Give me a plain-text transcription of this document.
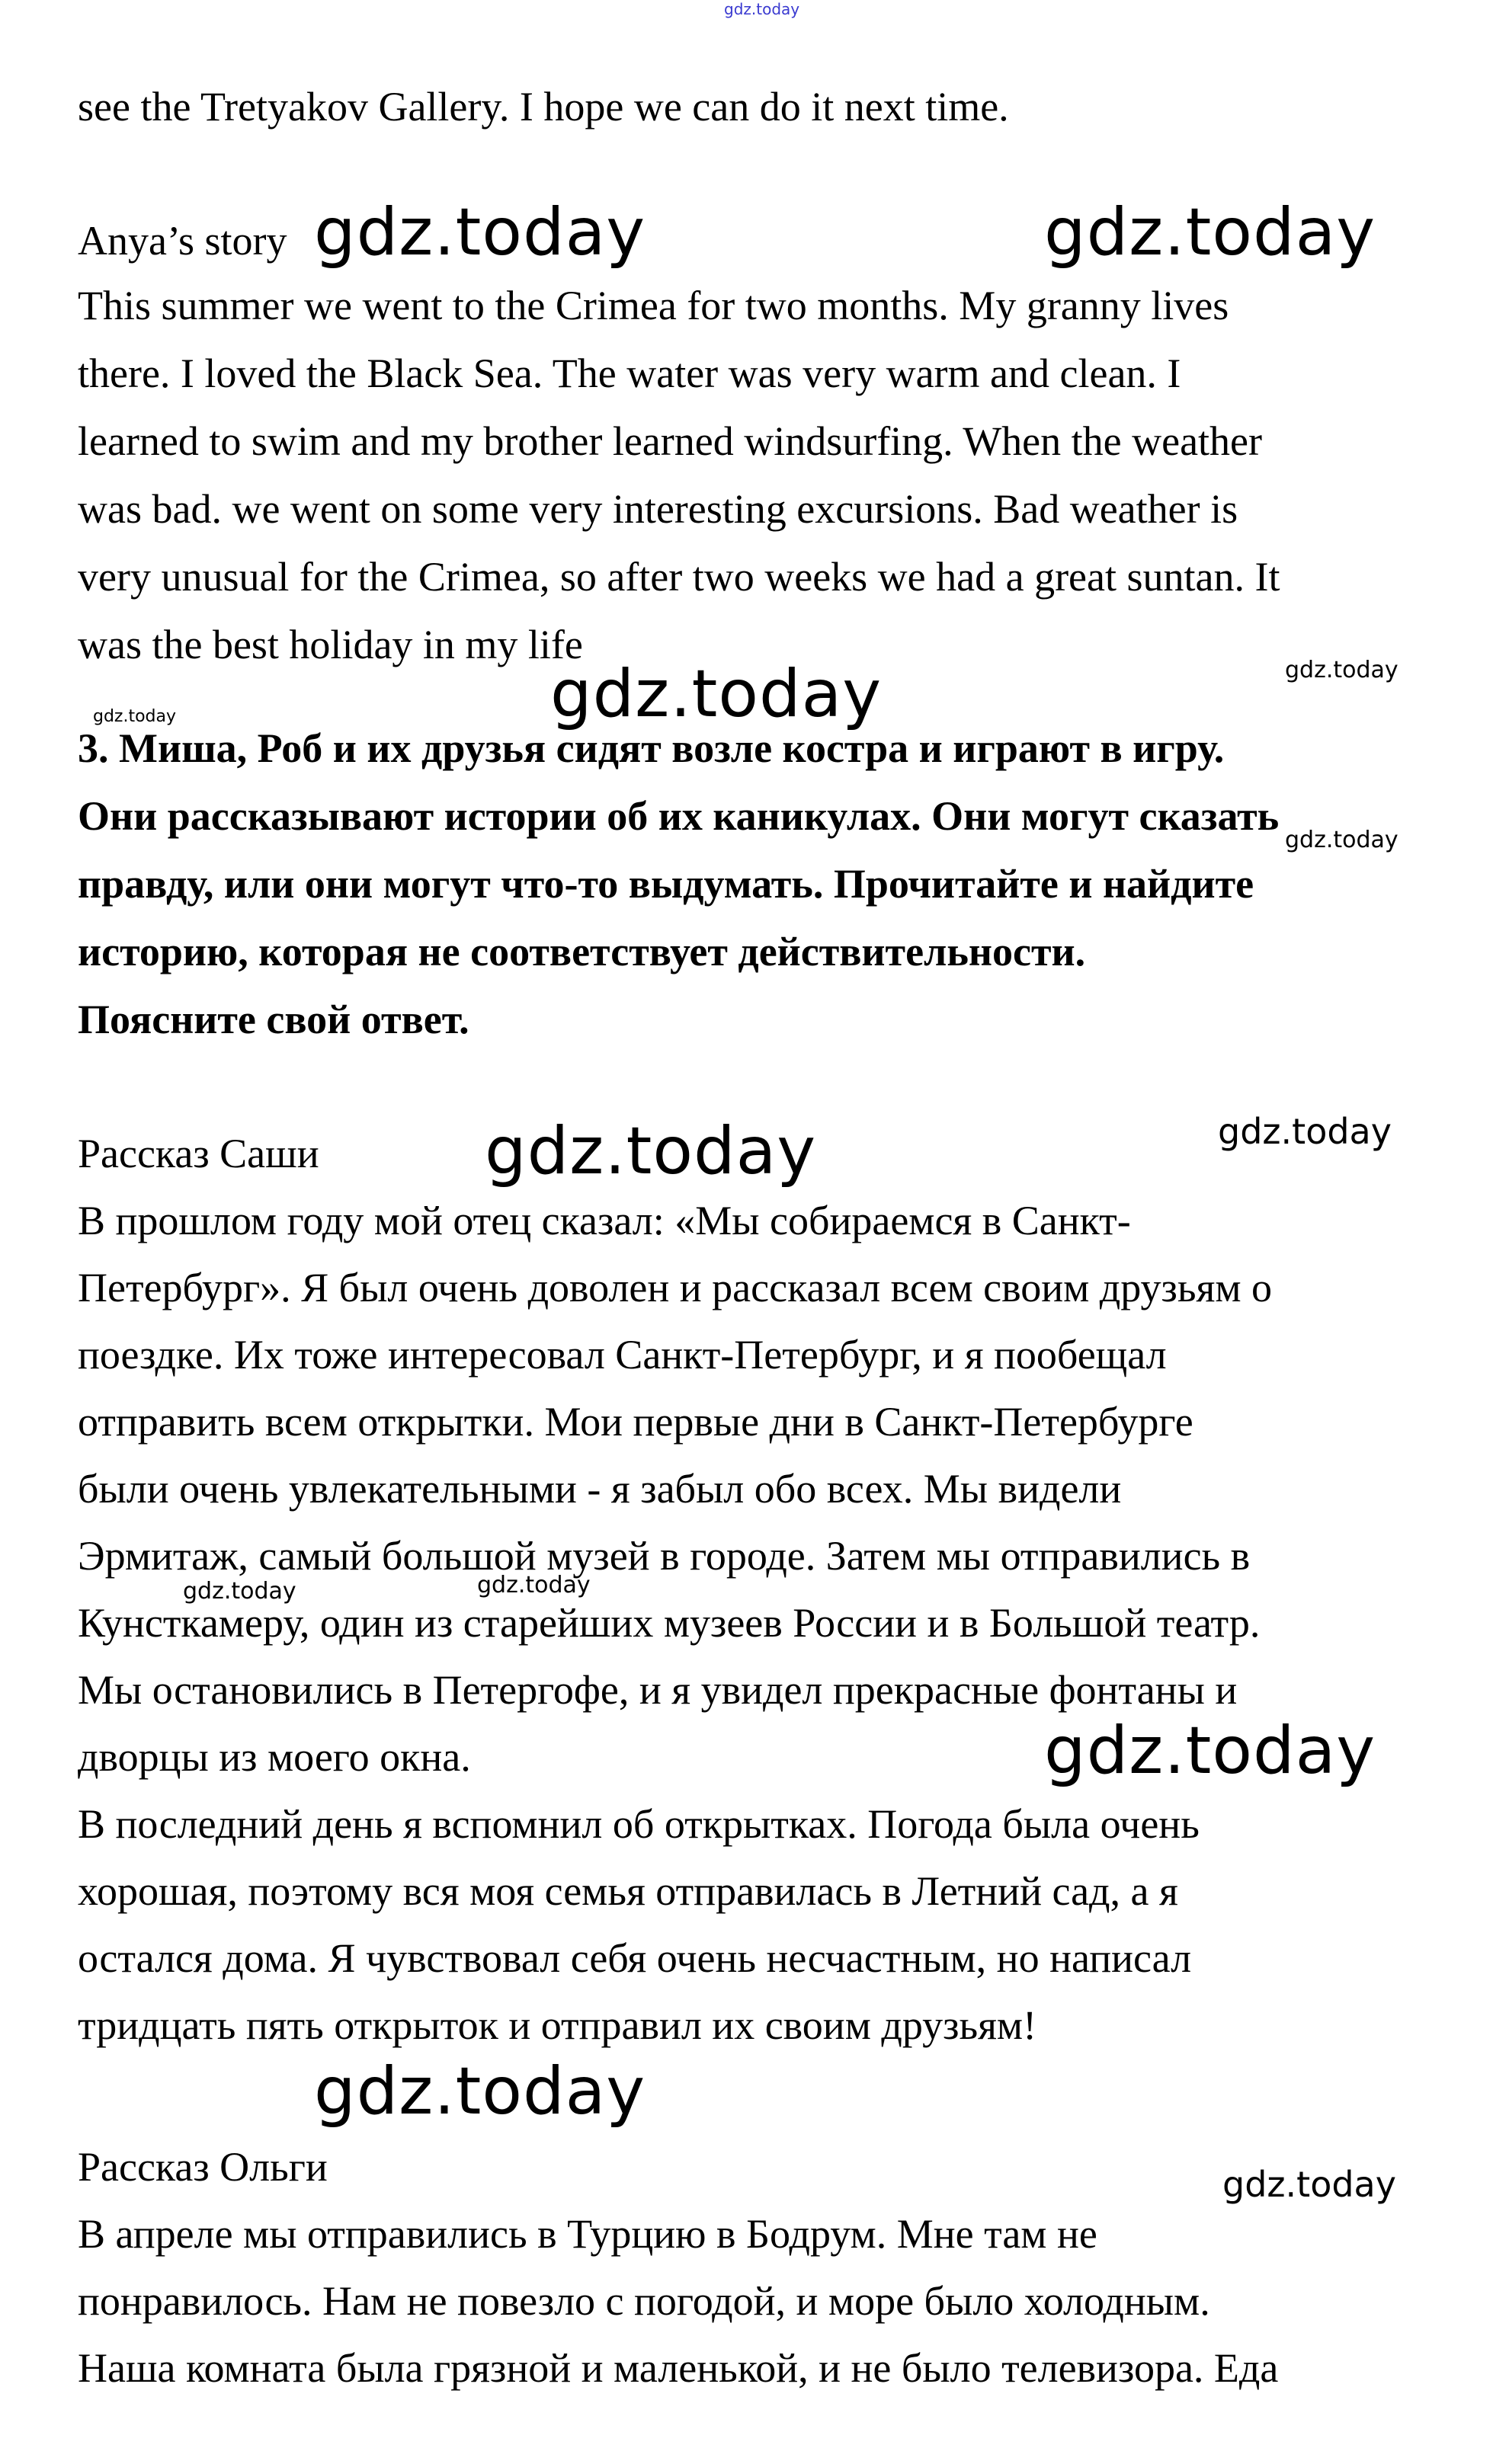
gdz.today

see the Tretyakov Gallery. I hope we can do it next time.

Anya’s story

This summer we went to the Crimea for two months. My granny lives

there. I loved the Black Sea. The water was very warm and clean. I

learned to swim and my brother learned windsurfing. When the weather

was bad. we went on some very interesting excursions. Bad weather is

very unusual for the Crimea, so after two weeks we had a great suntan. It

was the best holiday in my life

3. Миша, Роб и их друзья сидят возле костра и играют в игру.

Они рассказывают истории об их каникулах. Они могут сказать

правду, или они могут что-то выдумать. Прочитайте и найдите

историю, которая не соответствует действительности.

Поясните свой ответ.

Рассказ Саши

В прошлом году мой отец сказал: «Мы собираемся в Санкт-

Петербург». Я был очень доволен и рассказал всем своим друзьям о

поездке. Их тоже интересовал Санкт-Петербург, и я пообещал

отправить всем открытки. Мои первые дни в Санкт-Петербурге

были очень увлекательными - я забыл обо всех. Мы видели

Эрмитаж, самый большой музей в городе. Затем мы отправились в

Кунсткамеру, один из старейших музеев России и в Большой театр.

Мы остановились в Петергофе, и я увидел прекрасные фонтаны и

дворцы из моего окна.

В последний день я вспомнил об открытках. Погода была очень

хорошая, поэтому вся моя семья отправилась в Летний сад, а я

остался дома. Я чувствовал себя очень несчастным, но написал

тридцать пять открыток и отправил их своим друзьям!

Рассказ Ольги

В апреле мы отправились в Турцию в Бодрум. Мне там не

понравилось. Нам не повезло с погодой, и море было холодным.

Наша комната была грязной и маленькой, и не было телевизора. Еда

gdz.today	gdz.today
gdz.today
gdz.today	gdz.today
gdz.today
gdz.today
gdz.today
gdz.today	gdz.today
gdz.today
gdz.today
gdz.today
